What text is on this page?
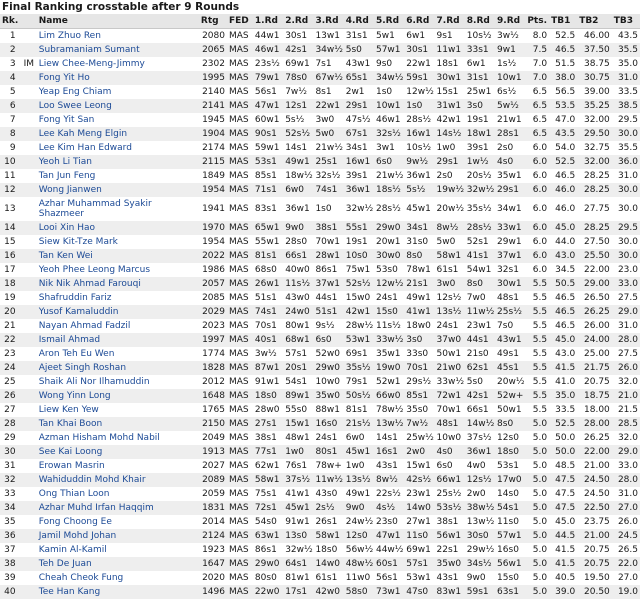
Final Ranking crosstable after 9 Rounds
Rk.		Name	Rtg	FED	1.Rd	2.Rd	3.Rd	4.Rd	5.Rd	6.Rd	7.Rd	8.Rd	9.Rd	Pts.	TB1	TB2	TB3
1		Lim Zhuo Ren	2080	MAS	44w1	30s1	13w1	31s1	5w1	6w1	9s1	10s½	3w½	8.0	52.5	46.00	43.5
2		Subramaniam Sumant	2065	MAS	46w1	42s1	34w½	5s0	57w1	30s1	11w1	33s1	9w1	7.5	46.5	37.50	35.5
3	IM	Liew Chee-Meng-Jimmy	2302	MAS	23s½	69w1	7s1	43w1	9s0	22w1	18s1	6w1	1s½	7.0	51.5	38.75	35.0
4		Fong Yit Ho	1995	MAS	79w1	78s0	67w½	65s1	34w½	59s1	30w1	31s1	10w1	7.0	38.0	30.75	31.0
5		Yeap Eng Chiam	2140	MAS	56s1	7w½	8s1	2w1	1s0	12w½	15s1	25w1	6s½	6.5	56.5	39.00	33.5
6		Loo Swee Leong	2141	MAS	47w1	12s1	22w1	29s1	10w1	1s0	31w1	3s0	5w½	6.5	53.5	35.25	38.5
7		Fong Yit San	1945	MAS	60w1	5s½	3w0	47s½	46w1	28s½	42w1	19s1	21w1	6.5	47.0	32.00	29.5
8		Lee Kah Meng Elgin	1904	MAS	90s1	52s½	5w0	67s1	32s½	16w1	14s½	18w1	28s1	6.5	43.5	29.50	30.0
9		Lee Kim Han Edward	2174	MAS	59w1	14s1	21w½	34s1	3w1	10s½	1w0	39s1	2s0	6.0	54.0	32.75	35.5
10		Yeoh Li Tian	2115	MAS	53s1	49w1	25s1	16w1	6s0	9w½	29s1	1w½	4s0	6.0	52.5	32.00	36.0
11		Tan Jun Feng	1849	MAS	85s1	18w½	32s½	39s1	21w½	36w1	2s0	20s½	35w1	6.0	46.5	28.25	31.0
12		Wong Jianwen	1954	MAS	71s1	6w0	74s1	36w1	18s½	5s½	19w½	32w½	29s1	6.0	46.0	28.25	30.0
13		Azhar Muhammad Syakir Shazmeer	1941	MAS	83s1	36w1	1s0	32w½	28s½	45w1	20w½	35s½	34w1	6.0	46.0	27.75	30.0
14		Looi Xin Hao	1970	MAS	65w1	9w0	38s1	55s1	29w0	34s1	8w½	28s½	33w1	6.0	45.0	28.25	29.5
15		Siew Kit-Tze Mark	1954	MAS	55w1	28s0	70w1	19s1	20w1	31s0	5w0	52s1	29w1	6.0	44.0	27.50	30.0
16		Tan Ken Wei	2022	MAS	81s1	66s1	28w1	10s0	30w0	8s0	58w1	41s1	37w1	6.0	43.0	25.50	30.0
17		Yeoh Phee Leong Marcus	1986	MAS	68s0	40w0	86s1	75w1	53s0	78w1	61s1	54w1	32s1	6.0	34.5	22.00	23.0
18		Nik Nik Ahmad Farouqi	2057	MAS	26w1	11s½	37w1	52s½	12w½	21s1	3w0	8s0	30w1	5.5	50.5	29.00	33.0
19		Shafruddin Fariz	2085	MAS	51s1	43w0	44s1	15w0	24s1	49w1	12s½	7w0	48s1	5.5	46.5	26.50	27.5
20		Yusof Kamaluddin	2029	MAS	74s1	24w0	51s1	42w1	15s0	41w1	13s½	11w½	25s½	5.5	46.5	26.25	29.0
21		Nayan Ahmad Fadzil	2023	MAS	70s1	80w1	9s½	28w½	11s½	18w0	24s1	23w1	7s0	5.5	46.5	26.00	31.0
22		Ismail Ahmad	1997	MAS	40s1	68w1	6s0	53w1	33w½	3s0	37w0	44s1	43w1	5.5	45.0	24.00	28.0
23		Aron Teh Eu Wen	1774	MAS	3w½	57s1	52w0	69s1	35w1	33s0	50w1	21s0	49s1	5.5	43.0	25.00	27.5
24		Ajeet Singh Roshan	1828	MAS	87w1	20s1	29w0	35s½	19w0	70s1	21w0	62s1	45s1	5.5	41.5	21.75	26.0
25		Shaik Ali Nor Ilhamuddin	2012	MAS	91w1	54s1	10w0	79s1	52w1	29s½	33w½	5s0	20w½	5.5	41.0	20.75	32.0
26		Wong Yinn Long	1648	MAS	18s0	89w1	35w0	50s½	66w0	85s1	72w1	42s1	52w+	5.5	35.0	18.75	21.0
27		Liew Ken Yew	1765	MAS	28w0	55s0	88w1	81s1	78w½	35s0	70w1	66s1	50w1	5.5	33.5	18.00	21.5
28		Tan Khai Boon	2150	MAS	27s1	15w1	16s0	21s½	13w½	7w½	48s1	14w½	8s0	5.0	52.5	28.00	28.5
29		Azman Hisham Mohd Nabil	2049	MAS	38s1	48w1	24s1	6w0	14s1	25w½	10w0	37s½	12s0	5.0	50.0	26.25	32.0
30		See Kai Loong	1913	MAS	77s1	1w0	80s1	45w1	16s1	2w0	4s0	36w1	18s0	5.0	50.0	22.00	29.0
31		Erowan Masrin	2027	MAS	62w1	76s1	78w+	1w0	43s1	15w1	6s0	4w0	53s1	5.0	48.5	21.00	33.0
32		Wahiduddin Mohd Khair	2089	MAS	58w1	37s½	11w½	13s½	8w½	42s½	66w1	12s½	17w0	5.0	47.5	24.50	28.0
33		Ong Thian Loon	2059	MAS	75s1	41w1	43s0	49w1	22s½	23w1	25s½	2w0	14s0	5.0	47.5	24.50	31.0
34		Azhar Muhd Irfan Haqqim	1831	MAS	72s1	45w1	2s½	9w0	4s½	14w0	53s½	38w½	54s1	5.0	47.5	22.50	27.0
35		Fong Choong Ee	2014	MAS	54s0	91w1	26s1	24w½	23s0	27w1	38s1	13w½	11s0	5.0	45.0	23.75	26.0
36		Jamil Mohd Johan	2124	MAS	63w1	13s0	58w1	12s0	47w1	11s0	56w1	30s0	57w1	5.0	44.5	21.00	24.5
37		Kamin Al-Kamil	1923	MAS	86s1	32w½	18s0	56w½	44w½	69w1	22s1	29w½	16s0	5.0	41.5	20.75	26.5
38		Teh De Juan	1647	MAS	29w0	64s1	14w0	48w½	60s1	57s1	35w0	34s½	56w1	5.0	41.5	20.75	22.0
39		Cheah Cheok Fung	2020	MAS	80s0	81w1	61s1	11w0	56s1	53w1	43s1	9w0	15s0	5.0	40.5	19.50	27.0
40		Tee Han Kang	1496	MAS	22w0	17s1	42w0	58s0	73w1	47s0	83w1	59s1	63s1	5.0	39.0	20.50	19.0
